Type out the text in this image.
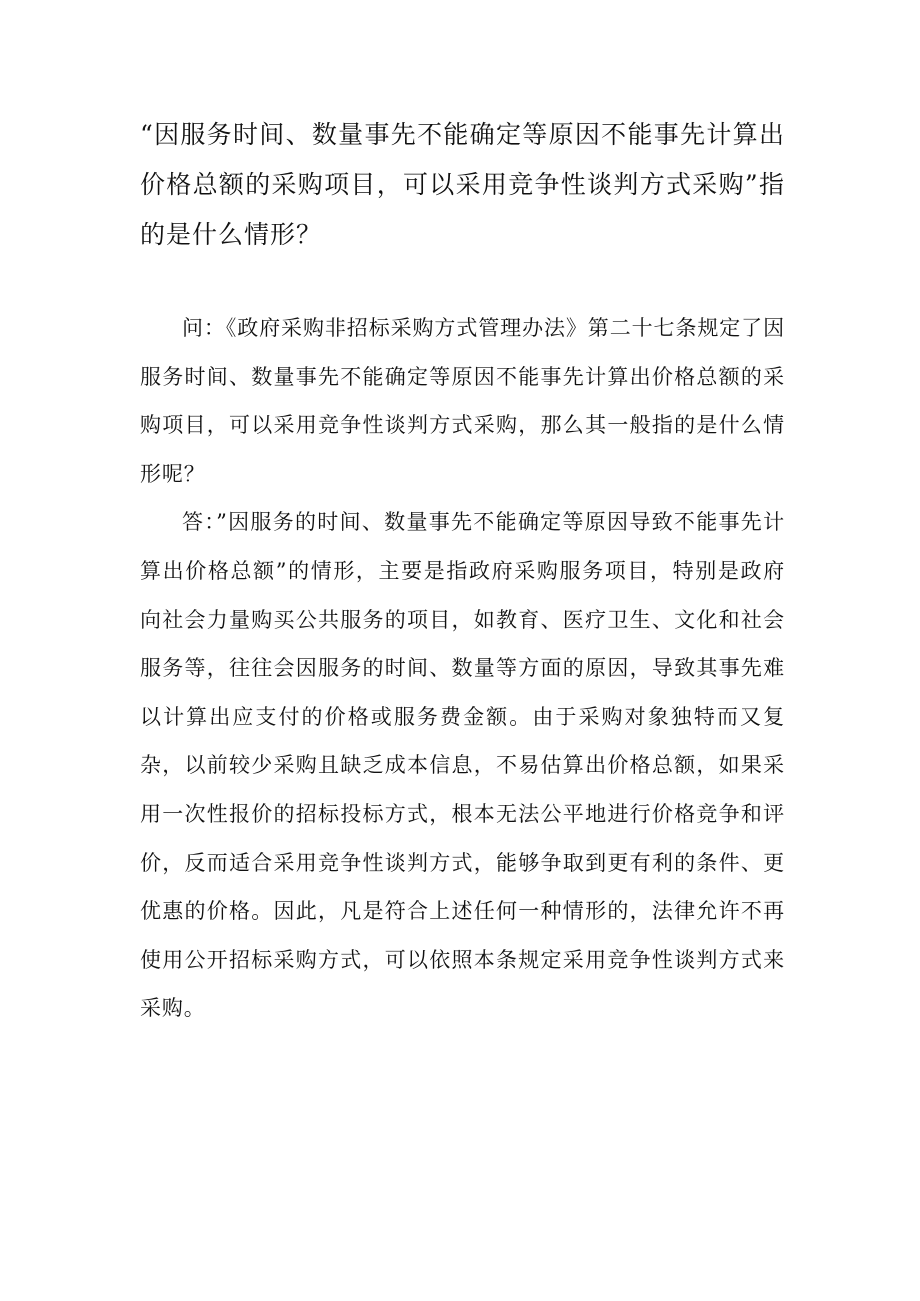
“因服务时间、数量事先不能确定等原因不能事先计算出价格总额的采购项目，可以采用竞争性谈判方式采购”指的是什么情形？

问：《政府采购非招标采购方式管理办法》第二十七条规定了因服务时间、数量事先不能确定等原因不能事先计算出价格总额的采购项目，可以采用竞争性谈判方式采购，那么其一般指的是什么情形呢？

答：”因服务的时间、数量事先不能确定等原因导致不能事先计算出价格总额”的情形，主要是指政府采购服务项目，特别是政府向社会力量购买公共服务的项目，如教育、医疗卫生、文化和社会服务等，往往会因服务的时间、数量等方面的原因，导致其事先难以计算出应支付的价格或服务费金额。由于采购对象独特而又复杂，以前较少采购且缺乏成本信息，不易估算出价格总额，如果采用一次性报价的招标投标方式，根本无法公平地进行价格竞争和评价，反而适合采用竞争性谈判方式，能够争取到更有利的条件、更优惠的价格。因此，凡是符合上述任何一种情形的，法律允许不再使用公开招标采购方式，可以依照本条规定采用竞争性谈判方式来采购。
